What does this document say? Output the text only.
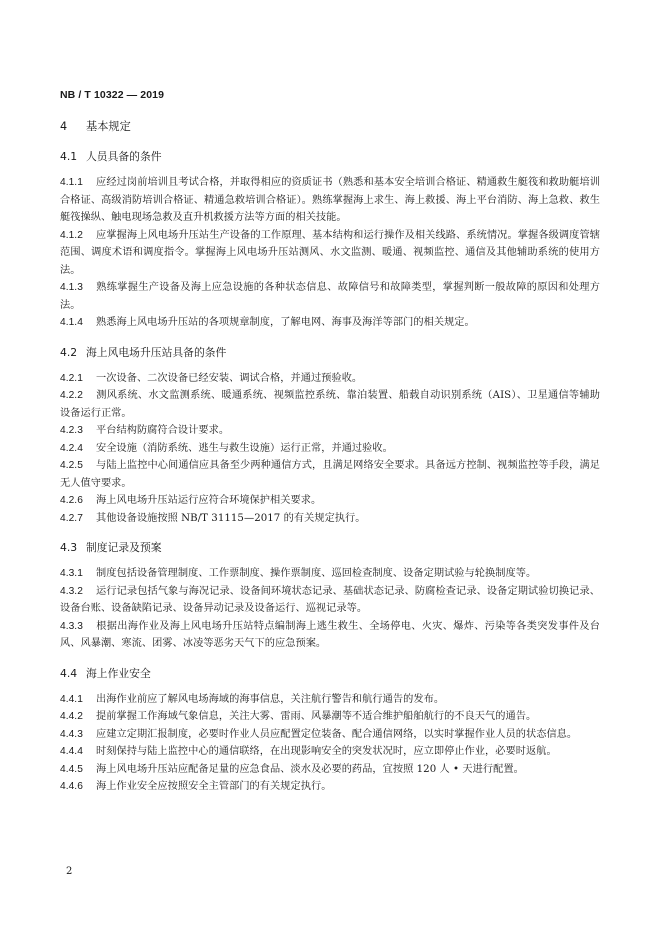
NB / T 10322 — 2019
4 基本规定
4.1 人员具备的条件

4.1.1 应经过岗前培训且考试合格，并取得相应的资质证书（熟悉和基本安全培训合格证、精通救生艇筏和救助艇培训合格证、高级消防培训合格证、精通急救培训合格证）。熟练掌握海上求生、海上救援、海上平台消防、海上急救、救生艇筏操纵、触电现场急救及直升机救援方法等方面的相关技能。

4.1.2 应掌握海上风电场升压站生产设备的工作原理、基本结构和运行操作及相关线路、系统情况。掌握各级调度管辖范围、调度术语和调度指令。掌握海上风电场升压站测风、水文监测、暖通、视频监控、通信及其他辅助系统的使用方法。

4.1.3 熟练掌握生产设备及海上应急设施的各种状态信息、故障信号和故障类型，掌握判断一般故障的原因和处理方法。

4.1.4 熟悉海上风电场升压站的各项规章制度，了解电网、海事及海洋等部门的相关规定。

4.2 海上风电场升压站具备的条件

4.2.1 一次设备、二次设备已经安装、调试合格，并通过预验收。

4.2.2 测风系统、水文监测系统、暖通系统、视频监控系统、靠泊装置、船载自动识别系统（AIS）、卫星通信等辅助设备运行正常。

4.2.3 平台结构防腐符合设计要求。

4.2.4 安全设施（消防系统、逃生与救生设施）运行正常，并通过验收。

4.2.5 与陆上监控中心间通信应具备至少两种通信方式，且满足网络安全要求。具备远方控制、视频监控等手段，满足无人值守要求。

4.2.6 海上风电场升压站运行应符合环境保护相关要求。

4.2.7 其他设备设施按照 NB/T 31115—2017 的有关规定执行。

4.3 制度记录及预案

4.3.1 制度包括设备管理制度、工作票制度、操作票制度、巡回检查制度、设备定期试验与轮换制度等。

4.3.2 运行记录包括气象与海况记录、设备间环境状态记录、基础状态记录、防腐检查记录、设备定期试验切换记录、设备台账、设备缺陷记录、设备异动记录及设备运行、巡视记录等。

4.3.3 根据出海作业及海上风电场升压站特点编制海上逃生救生、全场停电、火灾、爆炸、污染等各类突发事件及台风、风暴潮、寒流、团雾、冰凌等恶劣天气下的应急预案。

4.4 海上作业安全

4.4.1 出海作业前应了解风电场海域的海事信息，关注航行警告和航行通告的发布。

4.4.2 提前掌握工作海域气象信息，关注大雾、雷雨、风暴潮等不适合维护船舶航行的不良天气的通告。

4.4.3 应建立定期汇报制度，必要时作业人员应配置定位装备、配合通信网络，以实时掌握作业人员的状态信息。

4.4.4 时刻保持与陆上监控中心的通信联络，在出现影响安全的突发状况时，应立即停止作业，必要时返航。

4.4.5 海上风电场升压站应配备足量的应急食品、淡水及必要的药品，宜按照 120 人 • 天进行配置。

4.4.6 海上作业安全应按照安全主管部门的有关规定执行。

2
